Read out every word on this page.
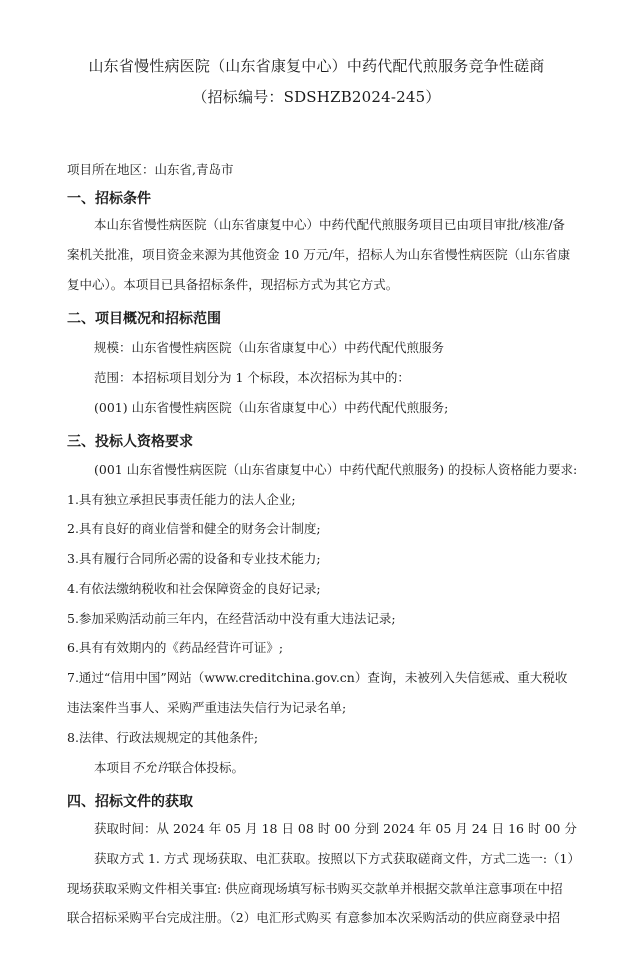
山东省慢性病医院（山东省康复中心）中药代配代煎服务竞争性磋商
（招标编号：SDSHZB2024-245）
项目所在地区：山东省,青岛市
一、招标条件
本山东省慢性病医院（山东省康复中心）中药代配代煎服务项目已由项目审批/核准/备
案机关批准，项目资金来源为其他资金 10 万元/年，招标人为山东省慢性病医院（山东省康
复中心）。本项目已具备招标条件，现招标方式为其它方式。
二、项目概况和招标范围
规模：山东省慢性病医院（山东省康复中心）中药代配代煎服务
范围：本招标项目划分为 1 个标段，本次招标为其中的：
(001) 山东省慢性病医院（山东省康复中心）中药代配代煎服务;
三、投标人资格要求
(001 山东省慢性病医院（山东省康复中心）中药代配代煎服务) 的投标人资格能力要求:
1.具有独立承担民事责任能力的法人企业;
2.具有良好的商业信誉和健全的财务会计制度;
3.具有履行合同所必需的设备和专业技术能力;
4.有依法缴纳税收和社会保障资金的良好记录;
5.参加采购活动前三年内，在经营活动中没有重大违法记录;
6.具有有效期内的《药品经营许可证》;
7.通过“信用中国”网站（www.creditchina.gov.cn）查询，未被列入失信惩戒、重大税收
违法案件当事人、采购严重违法失信行为记录名单;
8.法律、行政法规规定的其他条件;
本项目不允许联合体投标。
四、招标文件的获取
获取时间：从 2024 年 05 月 18 日 08 时 00 分到 2024 年 05 月 24 日 16 时 00 分
获取方式 1. 方式 现场获取、电汇获取。按照以下方式获取磋商文件，方式二选一:（1）
现场获取采购文件相关事宜: 供应商现场填写标书购买交款单并根据交款单注意事项在中招
联合招标采购平台完成注册。（2）电汇形式购买 有意参加本次采购活动的供应商登录中招
